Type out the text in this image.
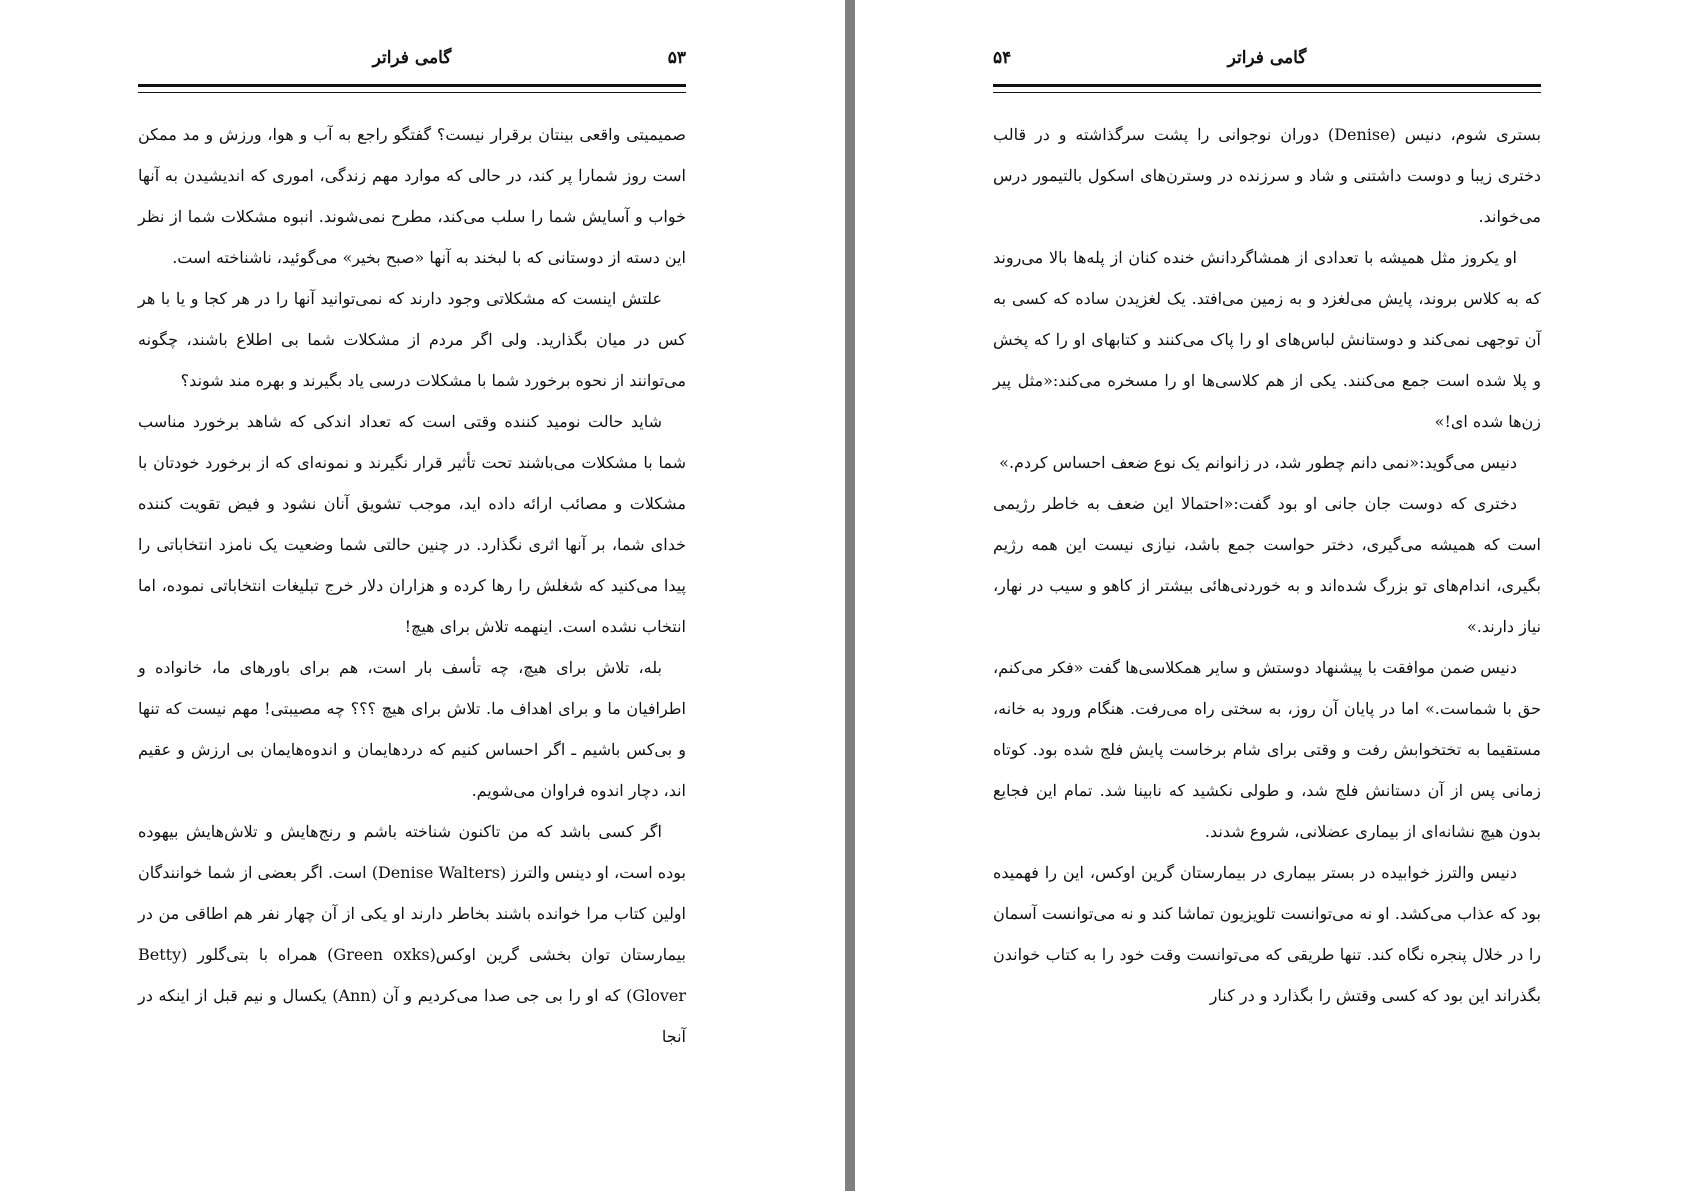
گامی فراتر	۵۳

صمیمیتی واقعی بینتان برقرار نیست؟ گفتگو راجع به آب و هوا، ورزش و مد ممکن است روز شمارا پر کند، در حالی که موارد مهم زندگی، اموری که اندیشیدن به آنها خواب و آسایش شما را سلب می‌کند، مطرح نمی‌شوند. انبوه مشکلات شما از نظر این دسته از دوستانی که با لبخند به آنها «صبح بخیر» می‌گوئید، ناشناخته است.

علتش اینست که مشکلاتی وجود دارند که نمی‌توانید آنها را در هر کجا و یا با هر کس در میان بگذارید. ولی اگر مردم از مشکلات شما بی اطلاع باشند، چگونه می‌توانند از نحوه برخورد شما با مشکلات درسی یاد بگیرند و بهره مند شوند؟

شاید حالت نومید کننده وقتی است که تعداد اندکی که شاهد برخورد مناسب شما با مشکلات می‌باشند تحت تأثیر قرار نگیرند و نمونه‌ای که از برخورد خودتان با مشکلات و مصائب ارائه داده اید، موجب تشویق آنان نشود و فیض تقویت کننده خدای شما، بر آنها اثری نگذارد. در چنین حالتی شما وضعیت یک نامزد انتخاباتی را پیدا می‌کنید که شغلش را رها کرده و هزاران دلار خرج تبلیغات انتخاباتی نموده، اما انتخاب نشده است. اینهمه تلاش برای هیچ!

بله، تلاش برای هیچ، چه تأسف بار است، هم برای باورهای ما، خانواده و اطرافیان ما و برای اهداف ما. تلاش برای هیچ ؟؟؟ چه مصیبتی! مهم نیست که تنها و بی‌کس باشیم ـ اگر احساس کنیم که دردهایمان و اندوه‌هایمان بی ارزش و عقیم اند، دچار اندوه فراوان می‌شویم.

اگر کسی باشد که من تاکنون شناخته باشم و رنج‌هایش و تلاش‌هایش بیهوده بوده است، او دینس والترز (Denise Walters) است. اگر بعضی از شما خوانندگان اولین کتاب مرا خوانده باشند بخاطر دارند او یکی از آن چهار نفر هم اطاقی من در بیمارستان توان بخشی گرین اوکس(Green oxks) همراه با بتی‌گلور (Betty Glover) که او را بی جی صدا می‌کردیم و آن (Ann) یکسال و نیم قبل از اینکه در آنجا

گامی فراتر
۵۴

بستری شوم، دنیس (Denise) دوران نوجوانی را پشت سرگذاشته و در قالب دختری زیبا و دوست داشتنی و شاد و سرزنده در وسترن‌های اسکول بالتیمور درس می‌خواند.

او یکروز مثل همیشه با تعدادی از همشاگردانش خنده کنان از پله‌ها بالا می‌روند که به کلاس بروند، پایش می‌لغزد و به زمین می‌افتد. یک لغزیدن ساده که کسی به آن توجهی نمی‌کند و دوستانش لباس‌های او را پاک می‌کنند و کتابهای او را که پخش و پلا شده است جمع می‌کنند. یکی از هم کلاسی‌ها او را مسخره می‌کند:«مثل پیر زن‌ها شده ای!»

دنیس می‌گوید:«نمی دانم چطور شد، در زانوانم یک نوع ضعف احساس کردم.»

دختری که دوست جان جانی او بود گفت:«احتمالا این ضعف به خاطر رژیمی است که همیشه می‌گیری، دختر حواست جمع باشد، نیازی نیست این همه رژیم بگیری، اندام‌های تو بزرگ شده‌اند و به خوردنی‌هائی بیشتر از کاهو و سیب در نهار، نیاز دارند.»

دنیس ضمن موافقت با پیشنهاد دوستش و سایر همکلاسی‌ها گفت «فکر می‌کنم، حق با شماست.» اما در پایان آن روز، به سختی راه می‌رفت. هنگام ورود به خانه، مستقیما به تختخوابش رفت و وقتی برای شام برخاست پایش فلج شده بود. کوتاه زمانی پس از آن دستانش فلج شد، و طولی نکشید که نابینا شد. تمام این فجایع بدون هیچ نشانه‌ای از بیماری عضلانی، شروع شدند.

دنیس والترز خوابیده در بستر بیماری در بیمارستان گرین اوکس، این را فهمیده بود که عذاب می‌کشد. او نه می‌توانست تلویزیون تماشا کند و نه می‌توانست آسمان را در خلال پنجره نگاه کند. تنها طریقی که می‌توانست وقت خود را به کتاب خواندن بگذراند این بود که کسی وقتش را بگذارد و در کنار
